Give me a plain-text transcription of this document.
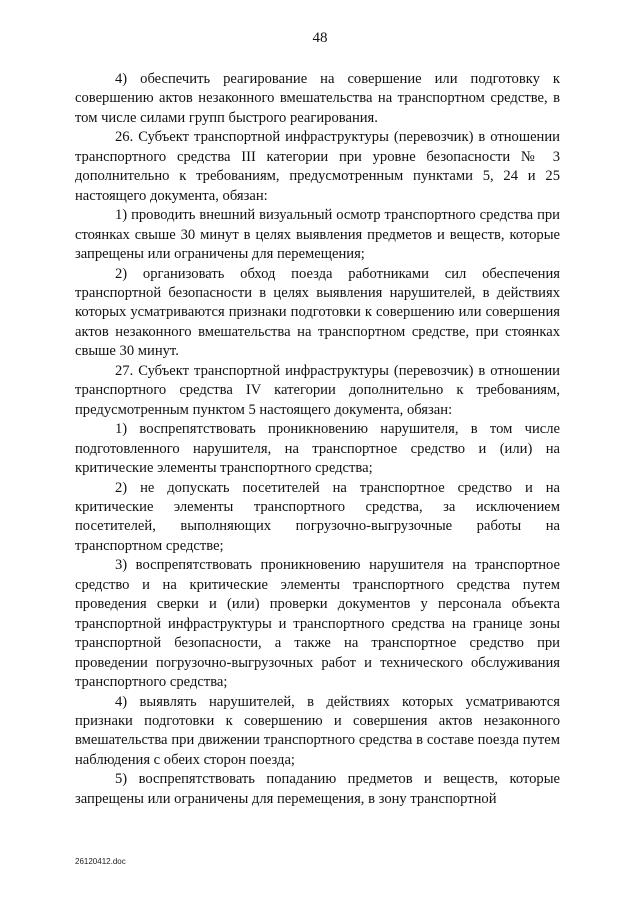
48

4) обеспечить реагирование на совершение или подготовку к совершению актов незаконного вмешательства на транспортном средстве, в том числе силами групп быстрого реагирования.

26. Субъект транспортной инфраструктуры (перевозчик) в отношении транспортного средства III категории при уровне безопасности № 3 дополнительно к требованиям, предусмотренным пунктами 5, 24 и 25 настоящего документа, обязан:

1) проводить внешний визуальный осмотр транспортного средства при стоянках свыше 30 минут в целях выявления предметов и веществ, которые запрещены или ограничены для перемещения;

2) организовать обход поезда работниками сил обеспечения транспортной безопасности в целях выявления нарушителей, в действиях которых усматриваются признаки подготовки к совершению или совершения актов незаконного вмешательства на транспортном средстве, при стоянках свыше 30 минут.

27. Субъект транспортной инфраструктуры (перевозчик) в отношении транспортного средства IV категории дополнительно к требованиям, предусмотренным пунктом 5 настоящего документа, обязан:

1) воспрепятствовать проникновению нарушителя, в том числе подготовленного нарушителя, на транспортное средство и (или) на критические элементы транспортного средства;

2) не допускать посетителей на транспортное средство и на критические элементы транспортного средства, за исключением посетителей, выполняющих погрузочно-выгрузочные работы на транспортном средстве;

3) воспрепятствовать проникновению нарушителя на транспортное средство и на критические элементы транспортного средства путем проведения сверки и (или) проверки документов у персонала объекта транспортной инфраструктуры и транспортного средства на границе зоны транспортной безопасности, а также на транспортное средство при проведении погрузочно-выгрузочных работ и технического обслуживания транспортного средства;

4) выявлять нарушителей, в действиях которых усматриваются признаки подготовки к совершению и совершения актов незаконного вмешательства при движении транспортного средства в составе поезда путем наблюдения с обеих сторон поезда;

5) воспрепятствовать попаданию предметов и веществ, которые запрещены или ограничены для перемещения, в зону транспортной

26120412.doc
